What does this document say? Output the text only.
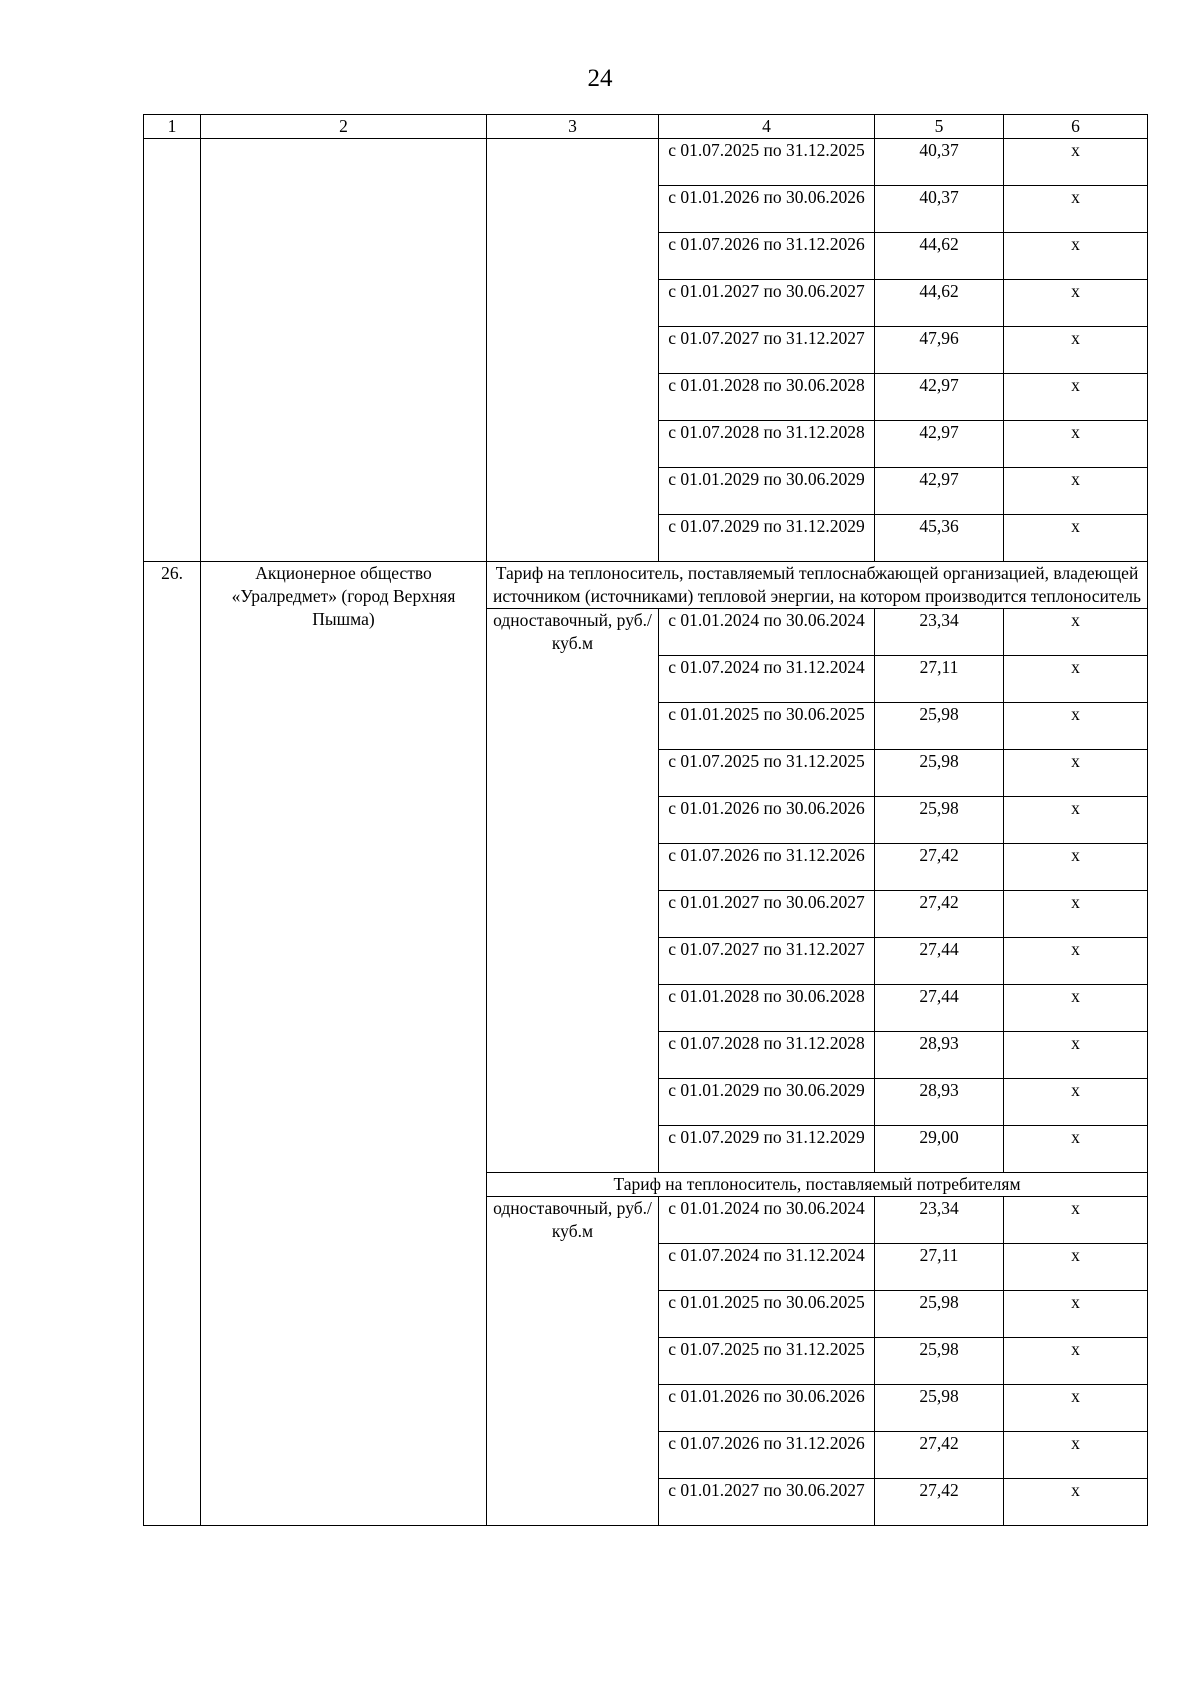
24
1	2	3	4	5	6
			с 01.07.2025 по 31.12.2025	40,37	х
			с 01.01.2026 по 30.06.2026	40,37	х
			с 01.07.2026 по 31.12.2026	44,62	х
			с 01.01.2027 по 30.06.2027	44,62	х
			с 01.07.2027 по 31.12.2027	47,96	х
			с 01.01.2028 по 30.06.2028	42,97	х
			с 01.07.2028 по 31.12.2028	42,97	х
			с 01.01.2029 по 30.06.2029	42,97	х
			с 01.07.2029 по 31.12.2029	45,36	х
26.	Акционерное общество «Уралредмет» (город Верхняя Пышма)	Тариф на теплоноситель, поставляемый теплоснабжающей организацией, владеющей источником (источниками) тепловой энергии, на котором производится теплоноситель			
		одноставочный, руб./куб.м	с 01.01.2024 по 30.06.2024	23,34	х
			с 01.07.2024 по 31.12.2024	27,11	х
			с 01.01.2025 по 30.06.2025	25,98	х
			с 01.07.2025 по 31.12.2025	25,98	х
			с 01.01.2026 по 30.06.2026	25,98	х
			с 01.07.2026 по 31.12.2026	27,42	х
			с 01.01.2027 по 30.06.2027	27,42	х
			с 01.07.2027 по 31.12.2027	27,44	х
			с 01.01.2028 по 30.06.2028	27,44	х
			с 01.07.2028 по 31.12.2028	28,93	х
			с 01.01.2029 по 30.06.2029	28,93	х
			с 01.07.2029 по 31.12.2029	29,00	х
		Тариф на теплоноситель, поставляемый потребителям			
		одноставочный, руб./куб.м	с 01.01.2024 по 30.06.2024	23,34	х
			с 01.07.2024 по 31.12.2024	27,11	х
			с 01.01.2025 по 30.06.2025	25,98	х
			с 01.07.2025 по 31.12.2025	25,98	х
			с 01.01.2026 по 30.06.2026	25,98	х
			с 01.07.2026 по 31.12.2026	27,42	х
			с 01.01.2027 по 30.06.2027	27,42	х
